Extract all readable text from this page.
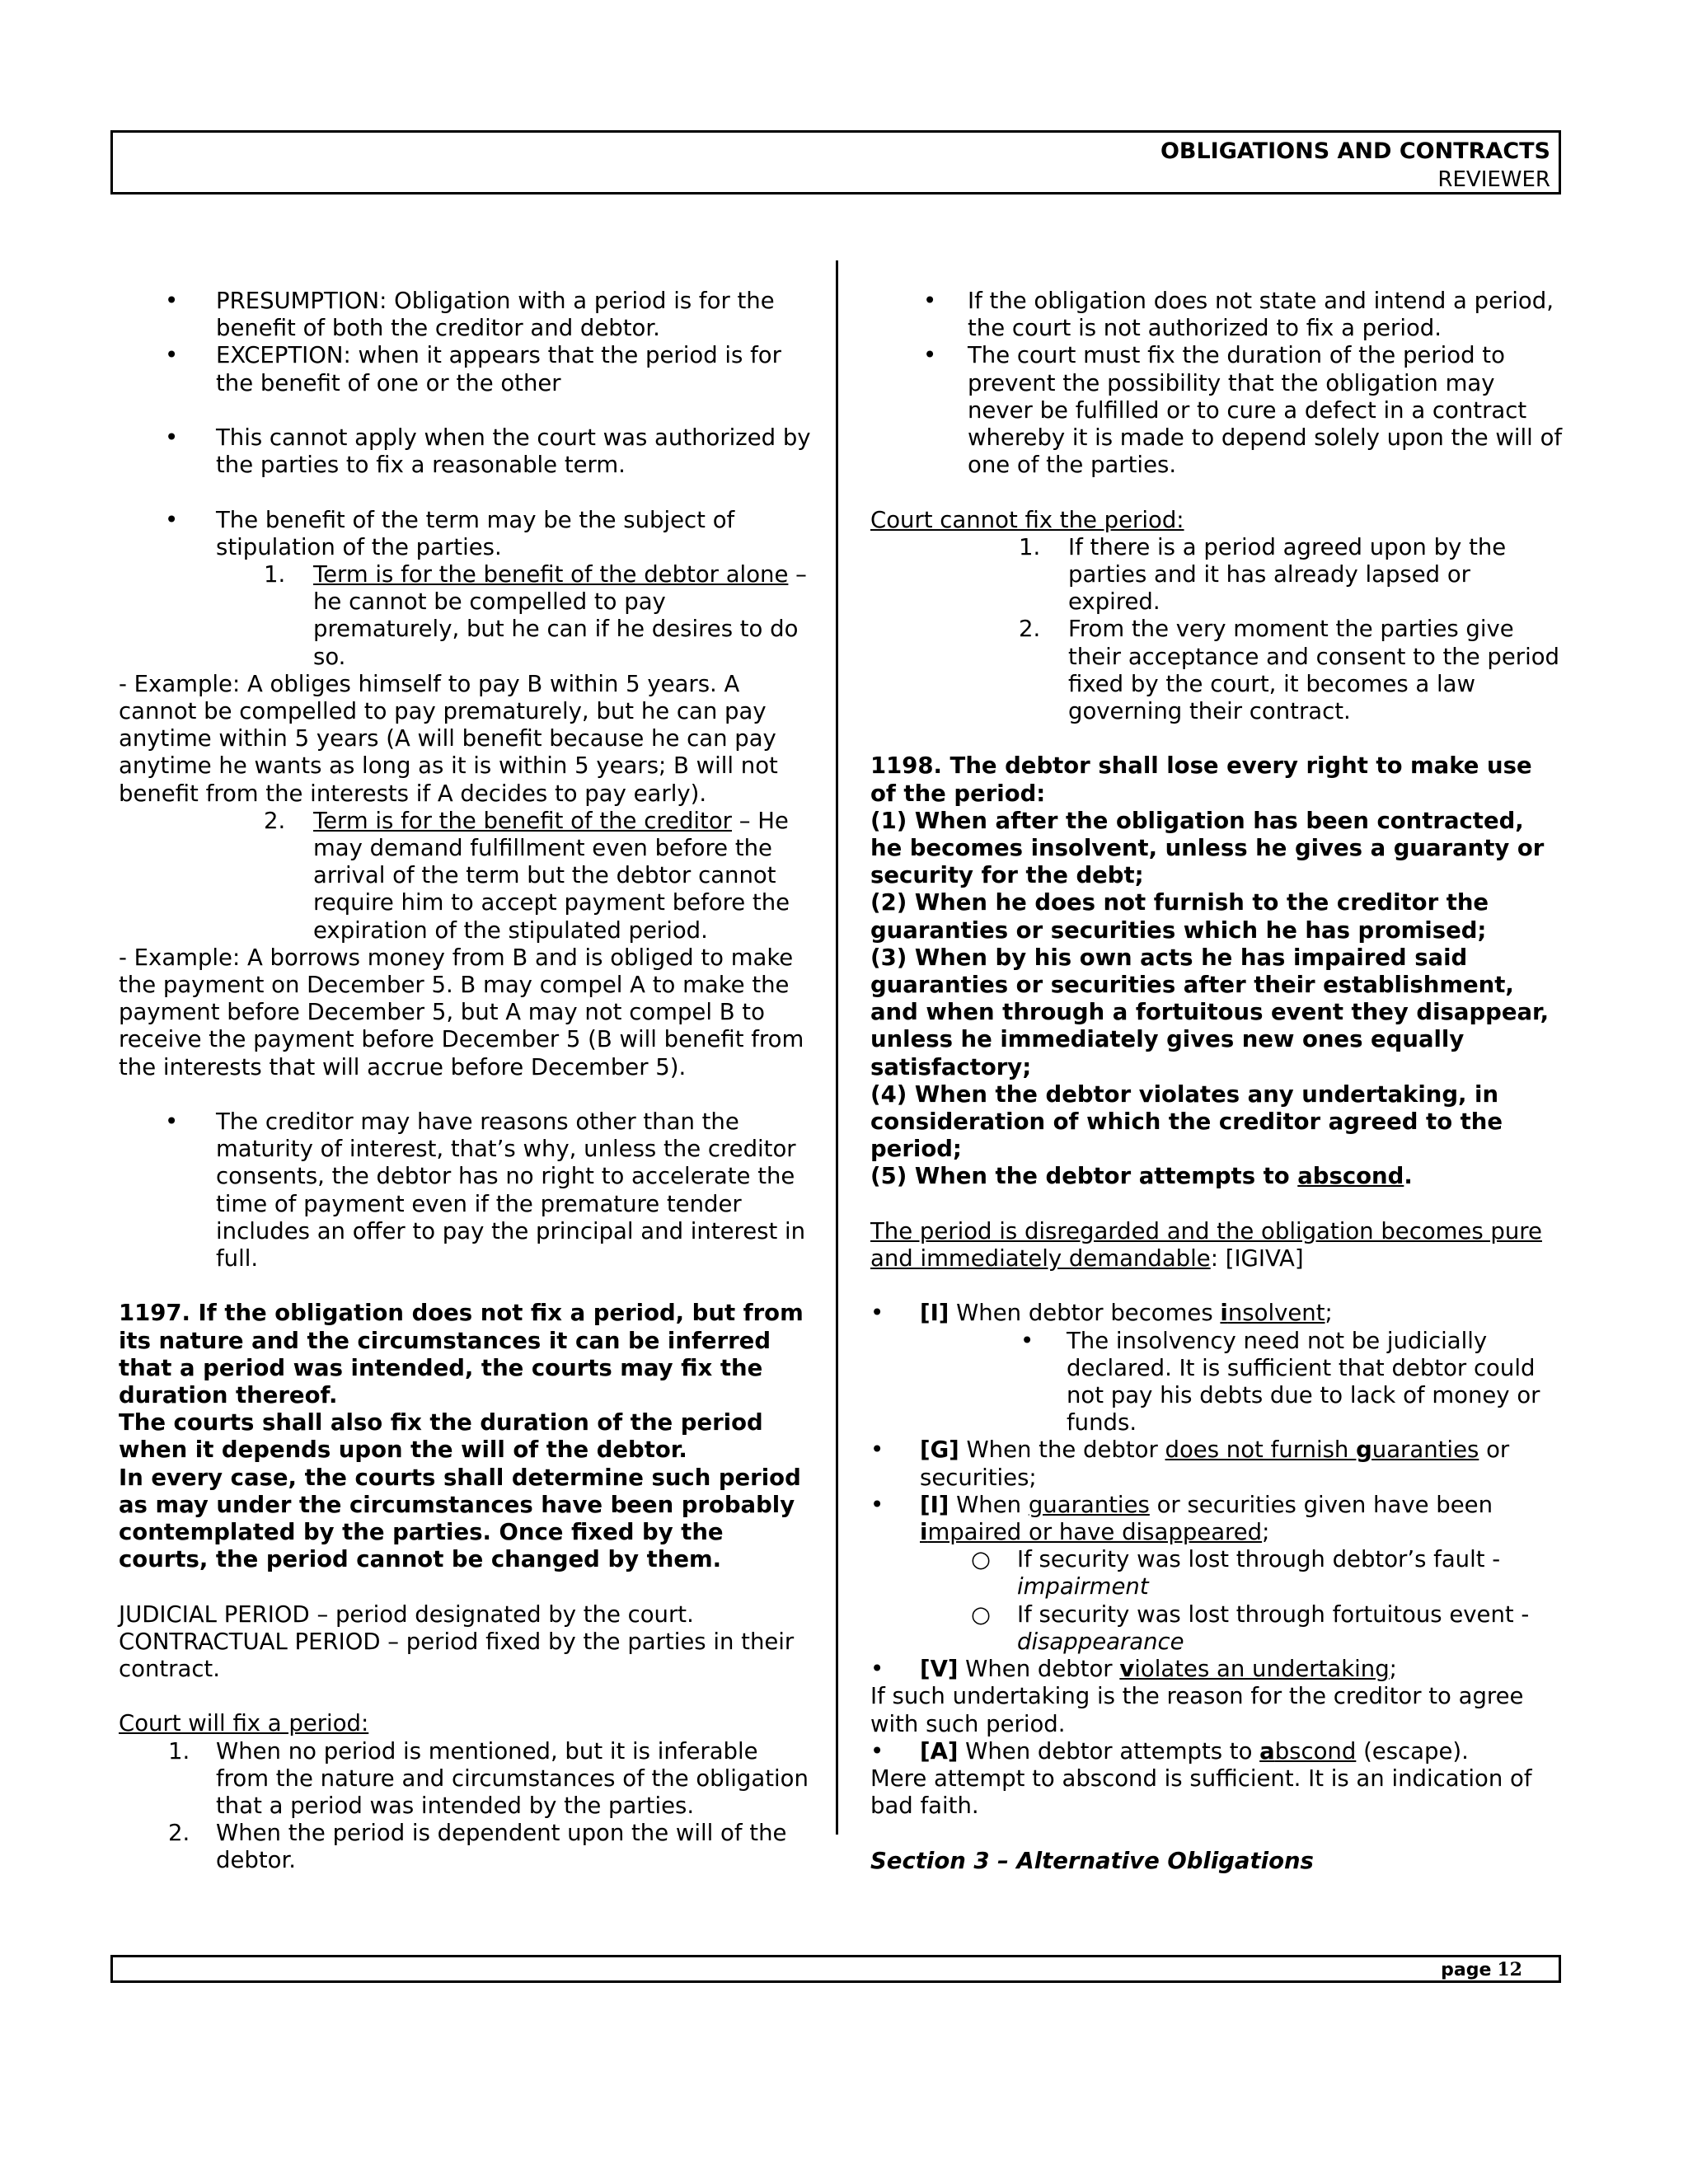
OBLIGATIONS AND CONTRACTS
REVIEWER

• PRESUMPTION: Obligation with a period is for the benefit of both the creditor and debtor.

• EXCEPTION: when it appears that the period is for the benefit of one or the other

• This cannot apply when the court was authorized by the parties to fix a reasonable term.

• The benefit of the term may be the subject of stipulation of the parties.

1. Term is for the benefit of the debtor alone – he cannot be compelled to pay prematurely, but he can if he desires to do so.

- Example: A obliges himself to pay B within 5 years. A cannot be compelled to pay prematurely, but he can pay anytime within 5 years (A will benefit because he can pay anytime he wants as long as it is within 5 years; B will not benefit from the interests if A decides to pay early).

2. Term is for the benefit of the creditor – He may demand fulfillment even before the arrival of the term but the debtor cannot require him to accept payment before the expiration of the stipulated period.

- Example: A borrows money from B and is obliged to make the payment on December 5. B may compel A to make the payment before December 5, but A may not compel B to receive the payment before December 5 (B will benefit from the interests that will accrue before December 5).

• The creditor may have reasons other than the maturity of interest, that’s why, unless the creditor consents, the debtor has no right to accelerate the time of payment even if the premature tender includes an offer to pay the principal and interest in full.

1197. If the obligation does not fix a period, but from its nature and the circumstances it can be inferred that a period was intended, the courts may fix the duration thereof.

The courts shall also fix the duration of the period when it depends upon the will of the debtor.

In every case, the courts shall determine such period as may under the circumstances have been probably contemplated by the parties. Once fixed by the courts, the period cannot be changed by them.

JUDICIAL PERIOD – period designated by the court.

CONTRACTUAL PERIOD – period fixed by the parties in their contract.

Court will fix a period:

1. When no period is mentioned, but it is inferable from the nature and circumstances of the obligation that a period was intended by the parties.

2. When the period is dependent upon the will of the debtor.

• If the obligation does not state and intend a period, the court is not authorized to fix a period.

• The court must fix the duration of the period to prevent the possibility that the obligation may never be fulfilled or to cure a defect in a contract whereby it is made to depend solely upon the will of one of the parties.

Court cannot fix the period:

1. If there is a period agreed upon by the parties and it has already lapsed or expired.

2. From the very moment the parties give their acceptance and consent to the period fixed by the court, it becomes a law governing their contract.

1198. The debtor shall lose every right to make use of the period:

(1) When after the obligation has been contracted, he becomes insolvent, unless he gives a guaranty or security for the debt;

(2) When he does not furnish to the creditor the guaranties or securities which he has promised;

(3) When by his own acts he has impaired said guaranties or securities after their establishment, and when through a fortuitous event they disappear, unless he immediately gives new ones equally satisfactory;

(4) When the debtor violates any undertaking, in consideration of which the creditor agreed to the period;

(5) When the debtor attempts to abscond.

The period is disregarded and the obligation becomes pure and immediately demandable: [IGIVA]

• [I] When debtor becomes insolvent;

• The insolvency need not be judicially declared. It is sufficient that debtor could not pay his debts due to lack of money or funds.

• [G] When the debtor does not furnish guaranties or securities;

• [I] When guaranties or securities given have been impaired or have disappeared;

○ If security was lost through debtor’s fault - impairment

○ If security was lost through fortuitous event - disappearance

• [V] When debtor violates an undertaking;

If such undertaking is the reason for the creditor to agree with such period.

• [A] When debtor attempts to abscond (escape).

Mere attempt to abscond is sufficient. It is an indication of bad faith.

Section 3 – Alternative Obligations

page 12
